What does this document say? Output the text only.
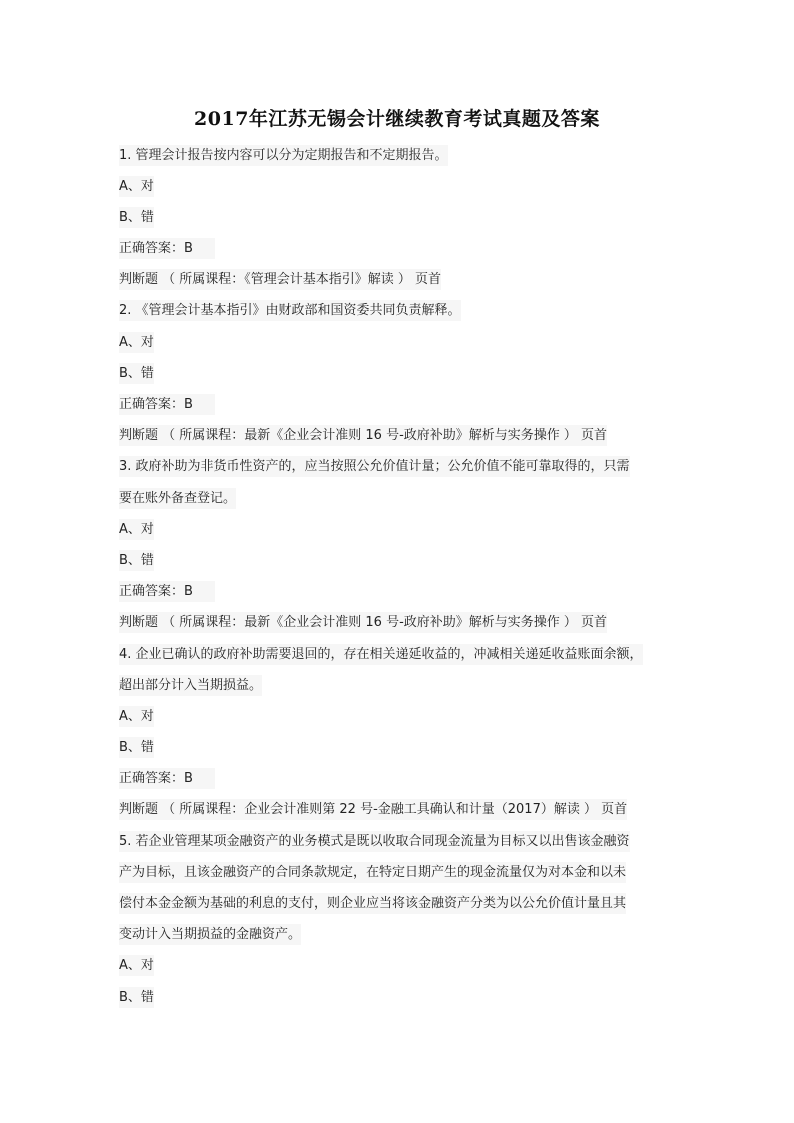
2017年江苏无锡会计继续教育考试真题及答案
1. 管理会计报告按内容可以分为定期报告和不定期报告。
A、对
B、错
正确答案：B
判断题 （ 所属课程：《管理会计基本指引》解读 ） 页首
2. 《管理会计基本指引》由财政部和国资委共同负责解释。
A、对
B、错
正确答案：B
判断题 （ 所属课程：最新《企业会计准则 16 号-政府补助》解析与实务操作 ） 页首
3. 政府补助为非货币性资产的，应当按照公允价值计量；公允价值不能可靠取得的，只需
要在账外备查登记。
A、对
B、错
正确答案：B
判断题 （ 所属课程：最新《企业会计准则 16 号-政府补助》解析与实务操作 ） 页首
4. 企业已确认的政府补助需要退回的，存在相关递延收益的，冲减相关递延收益账面余额，
超出部分计入当期损益。
A、对
B、错
正确答案：B
判断题 （ 所属课程：企业会计准则第 22 号-金融工具确认和计量（2017）解读 ） 页首
5. 若企业管理某项金融资产的业务模式是既以收取合同现金流量为目标又以出售该金融资
产为目标，且该金融资产的合同条款规定，在特定日期产生的现金流量仅为对本金和以未
偿付本金金额为基础的利息的支付，则企业应当将该金融资产分类为以公允价值计量且其
变动计入当期损益的金融资产。
A、对
B、错
